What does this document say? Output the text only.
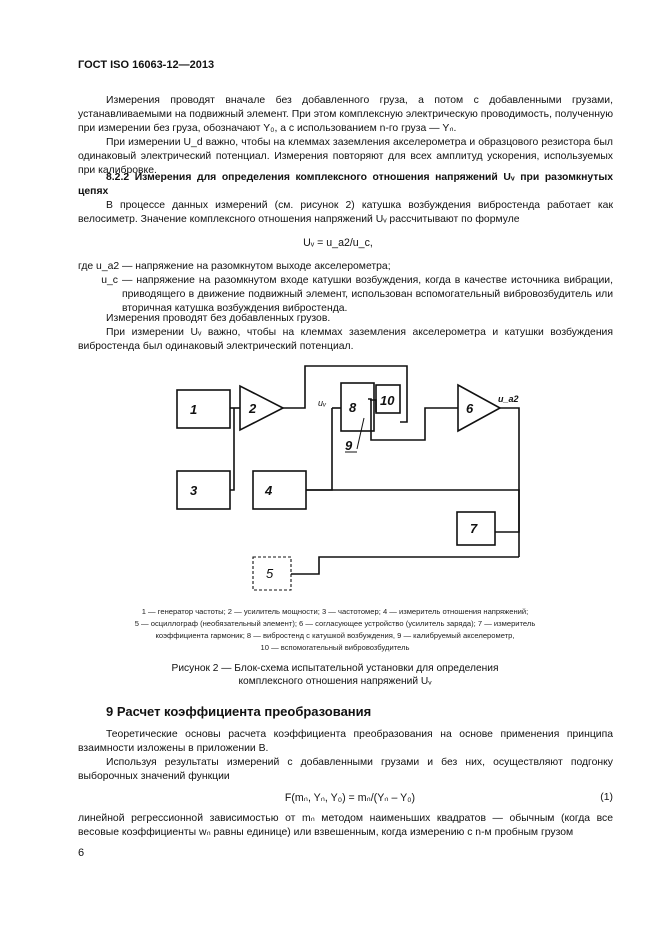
ГОСТ ISO 16063-12—2013
Измерения проводят вначале без добавленного груза, а потом с добавленными грузами, устанавливаемыми на подвижный элемент. При этом комплексную электрическую проводимость, полученную при измерении без груза, обозначают Y₀, а с использованием n-го груза — Yₙ.
При измерении U_d важно, чтобы на клеммах заземления акселерометра и образцового резистора был одинаковый электрический потенциал. Измерения повторяют для всех амплитуд ускорения, используемых при калибровке.
8.2.2 Измерения для определения комплексного отношения напряжений Uᵥ при разомкнутых цепях
В процессе данных измерений (см. рисунок 2) катушка возбуждения вибростенда работает как велосиметр. Значение комплексного отношения напряжений Uᵥ рассчитывают по формуле
Uᵥ = u_a2/u_c,
где u_a2 — напряжение на разомкнутом выходе акселерометра;
u_c — напряжение на разомкнутом входе катушки возбуждения, когда в качестве источника вибрации, приводящего в движение подвижный элемент, использован вспомогательный вибровозбудитель или вторичная катушка возбуждения вибростенда.
Измерения проводят без добавленных грузов.
При измерении Uᵥ важно, чтобы на клеммах заземления акселерометра и катушки возбуждения вибростенда был одинаковый электрический потенциал.
1	2
3	4
5
6
7
8
9
10
uᵥ	u_a2
1 — генератор частоты; 2 — усилитель мощности; 3 — частотомер; 4 — измеритель отношения напряжений;
5 — осциллограф (необязательный элемент); 6 — согласующее устройство (усилитель заряда); 7 — измеритель
коэффициента гармоник; 8 — вибростенд с катушкой возбуждения, 9 — калибруемый акселерометр,
10 — вспомогательный вибровозбудитель
Рисунок 2 — Блок-схема испытательной установки для определения
комплексного отношения напряжений Uᵥ
9 Расчет коэффициента преобразования
Теоретические основы расчета коэффициента преобразования на основе применения принципа взаимности изложены в приложении В.
Используя результаты измерений с добавленными грузами и без них, осуществляют подгонку выборочных значений функции
F(mₙ, Yₙ, Y₀) = mₙ/(Yₙ – Y₀)	(1)
линейной регрессионной зависимостью от mₙ методом наименьших квадратов — обычным (когда все весовые коэффициенты wₙ равны единице) или взвешенным, когда измерению с n-м пробным грузом
6
